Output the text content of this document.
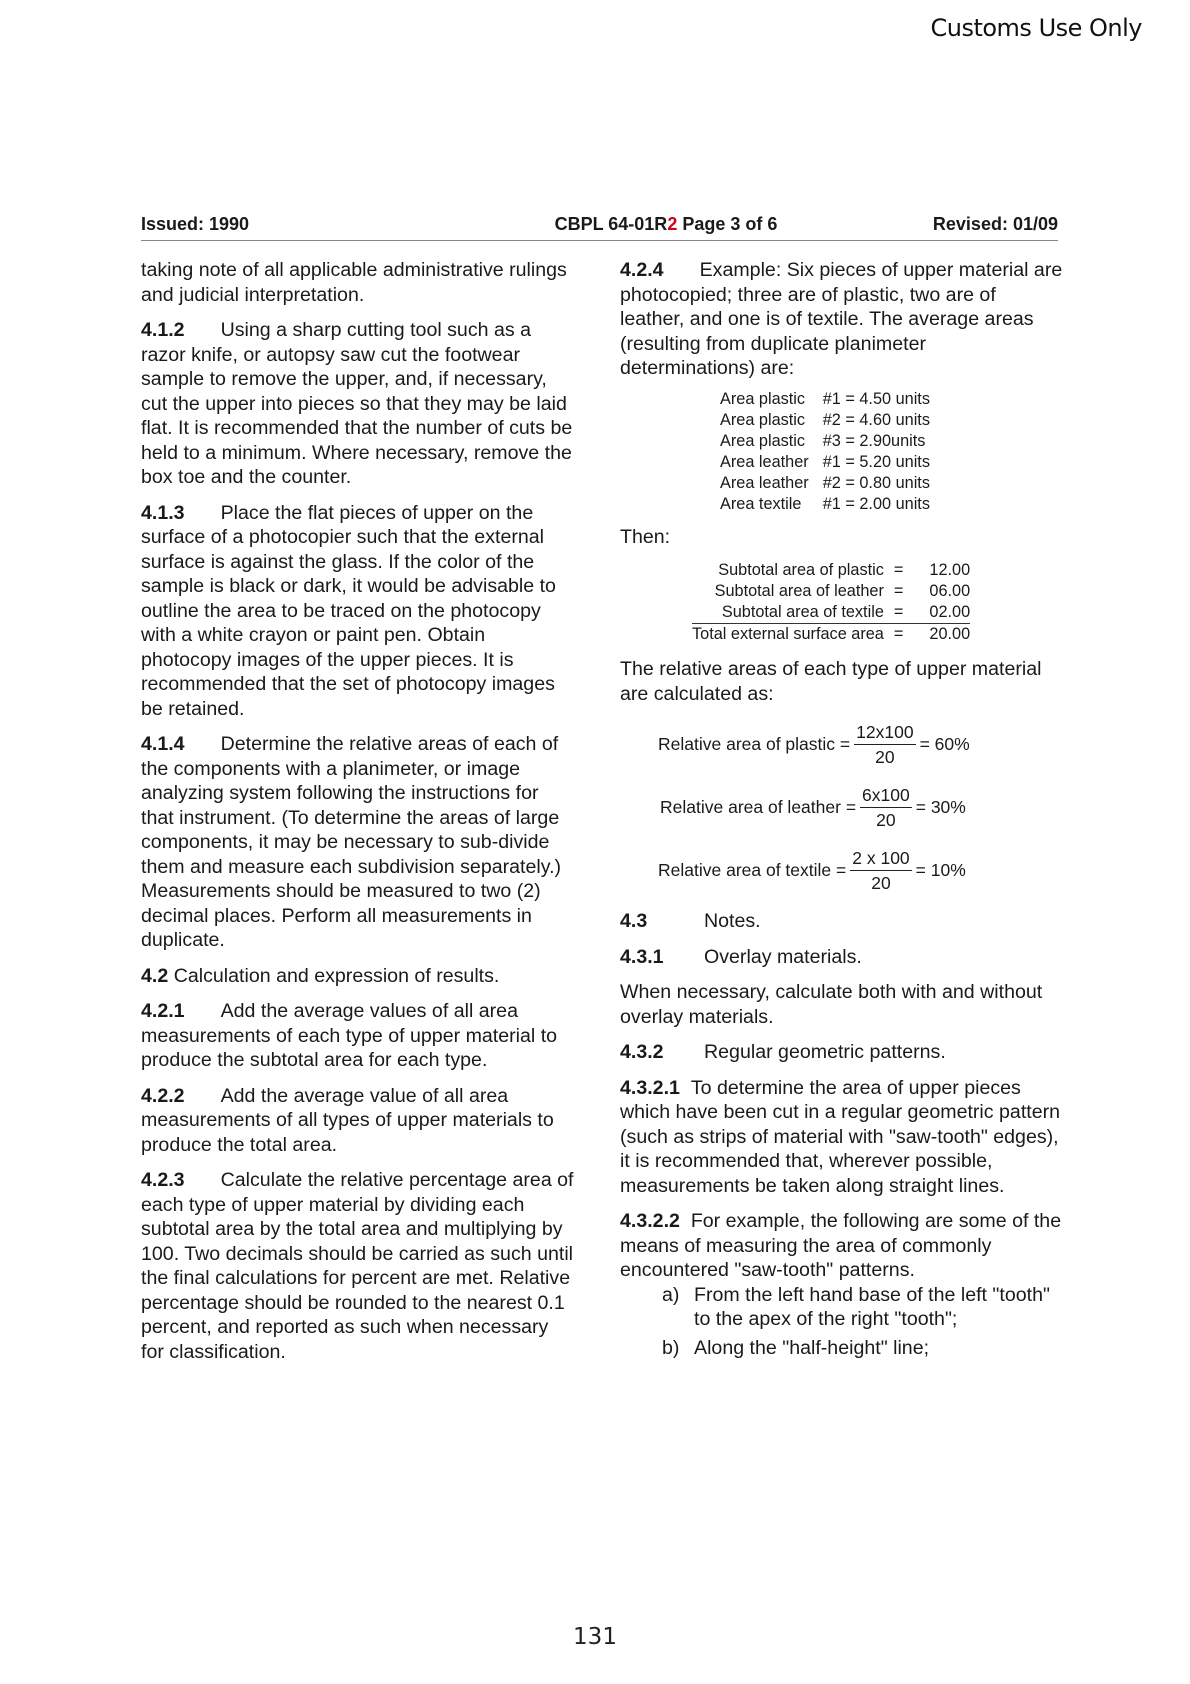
Customs Use Only
Issued: 1990	CBPL 64-01R2 Page 3 of 6	Revised: 01/09

taking note of all applicable administrative rulings and judicial interpretation.

4.1.2 Using a sharp cutting tool such as a razor knife, or autopsy saw cut the footwear sample to remove the upper, and, if necessary, cut the upper into pieces so that they may be laid flat. It is recommended that the number of cuts be held to a minimum. Where necessary, remove the box toe and the counter.

4.1.3 Place the flat pieces of upper on the surface of a photocopier such that the external surface is against the glass. If the color of the sample is black or dark, it would be advisable to outline the area to be traced on the photocopy with a white crayon or paint pen. Obtain photocopy images of the upper pieces. It is recommended that the set of photocopy images be retained.

4.1.4 Determine the relative areas of each of the components with a planimeter, or image analyzing system following the instructions for that instrument. (To determine the areas of large components, it may be necessary to sub-divide them and measure each subdivision separately.) Measurements should be measured to two (2) decimal places. Perform all measurements in duplicate.

4.2 Calculation and expression of results.

4.2.1 Add the average values of all area measurements of each type of upper material to produce the subtotal area for each type.

4.2.2 Add the average value of all area measurements of all types of upper materials to produce the total area.

4.2.3 Calculate the relative percentage area of each type of upper material by dividing each subtotal area by the total area and multiplying by 100. Two decimals should be carried as such until the final calculations for percent are met. Relative percentage should be rounded to the nearest 0.1 percent, and reported as such when necessary for classification.

4.2.4 Example: Six pieces of upper material are photocopied; three are of plastic, two are of leather, and one is of textile. The average areas (resulting from duplicate planimeter determinations) are:

Area plastic	#1 = 4.50 units
Area plastic	#2 = 4.60 units
Area plastic	#3 = 2.90units
Area leather	#1 = 5.20 units
Area leather	#2 = 0.80 units
Area textile	#1 = 2.00 units

Then:

Subtotal area of plastic	=	12.00
Subtotal area of leather	=	06.00
Subtotal area of textile	=	02.00
Total external surface area	=	20.00

The relative areas of each type of upper material are calculated as:

Relative area of plastic = $\frac{12x100}{20} = 60\%$
Relative area of leather = $\frac{6x100}{20} = 30\%$
Relative area of textile = $\frac{2 x 100}{20} = 10\%$
4.3	Notes.
4.3.1	Overlay materials.

When necessary, calculate both with and without overlay materials.

4.3.2	Regular geometric patterns.

4.3.2.1 To determine the area of upper pieces which have been cut in a regular geometric pattern (such as strips of material with "saw-tooth" edges), it is recommended that, wherever possible, measurements be taken along straight lines.

4.3.2.2 For example, the following are some of the means of measuring the area of commonly encountered "saw-tooth" patterns.

a) From the left hand base of the left "tooth" to the apex of the right "tooth";
b) Along the "half-height" line;
131
